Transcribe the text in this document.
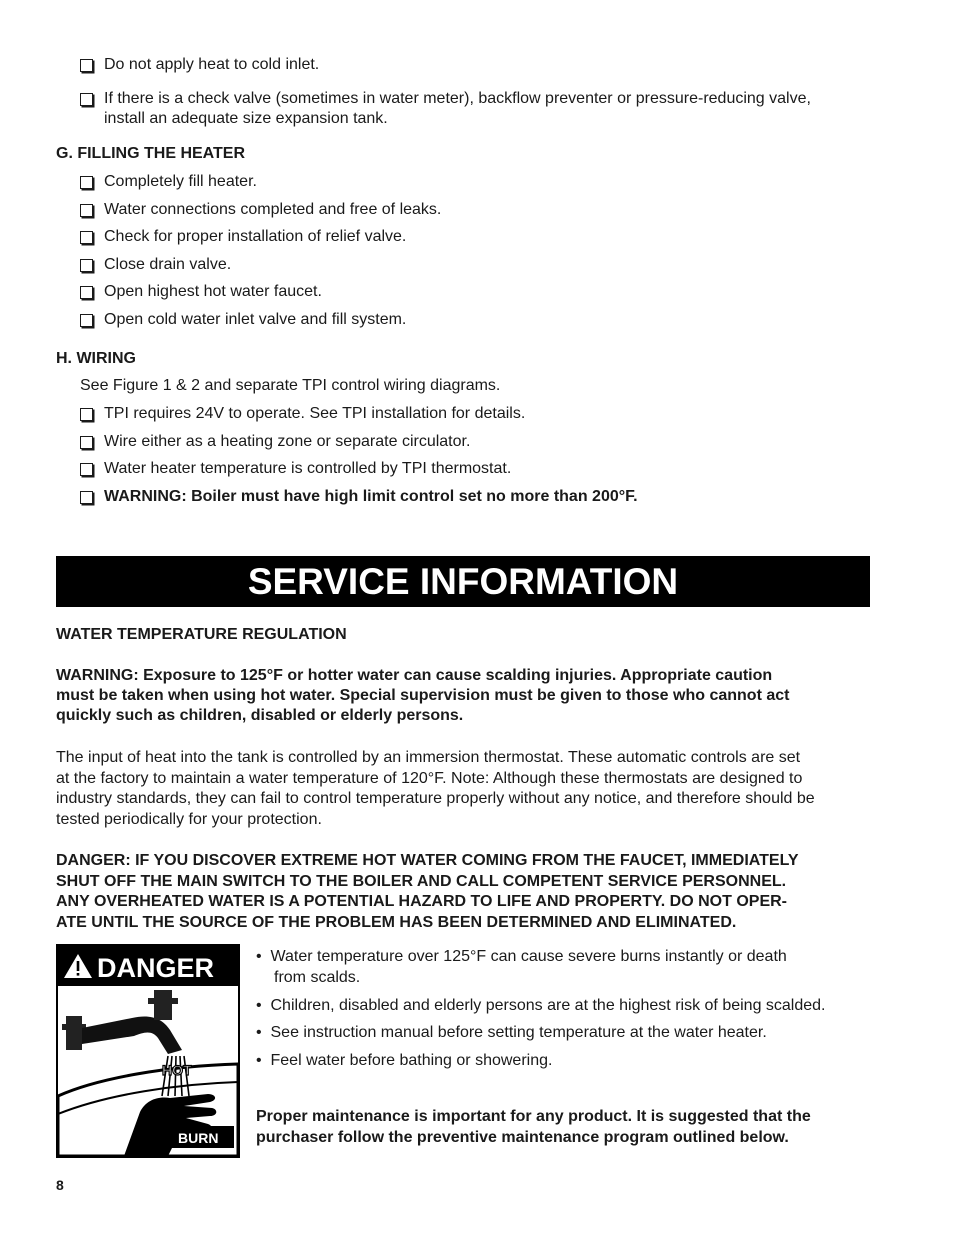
Do not apply heat to cold inlet.
If there is a check valve (sometimes in water meter), backflow preventer or pressure-reducing valve,
install an adequate size expansion tank.
G. FILLING THE HEATER
Completely fill heater.
Water connections completed and free of leaks.
Check for proper installation of relief valve.
Close drain valve.
Open highest hot water faucet.
Open cold water inlet valve and fill system.
H. WIRING
See Figure 1 & 2 and separate TPI control wiring diagrams.
TPI requires 24V to operate. See TPI installation for details.
Wire either as a heating zone or separate circulator.
Water heater temperature is controlled by TPI thermostat.
WARNING: Boiler must have high limit control set no more than 200°F.
SERVICE INFORMATION
WATER TEMPERATURE REGULATION
WARNING: Exposure to 125°F or hotter water can cause scalding injuries. Appropriate caution
must be taken when using hot water. Special supervision must be given to those who cannot act
quickly such as children, disabled or elderly persons.
The input of heat into the tank is controlled by an immersion thermostat. These automatic controls are set
at the factory to maintain a water temperature of 120°F. Note: Although these thermostats are designed to
industry standards, they can fail to control temperature properly without any notice, and therefore should be
tested periodically for your protection.
DANGER: IF YOU DISCOVER EXTREME HOT WATER COMING FROM THE FAUCET, IMMEDIATELY
SHUT OFF THE MAIN SWITCH TO THE BOILER AND CALL COMPETENT SERVICE PERSONNEL.
ANY OVERHEATED WATER IS A POTENTIAL HAZARD TO LIFE AND PROPERTY. DO NOT OPER-
ATE UNTIL THE SOURCE OF THE PROBLEM HAS BEEN DETERMINED AND ELIMINATED.
DANGER
HOT
BURN
•  Water temperature over 125°F can cause severe burns instantly or death
from scalds.
•  Children, disabled and elderly persons are at the highest risk of being scalded.
•  See instruction manual before setting temperature at the water heater.
•  Feel water before bathing or showering.
Proper maintenance is important for any product. It is suggested that the
purchaser follow the preventive maintenance program outlined below.
8
